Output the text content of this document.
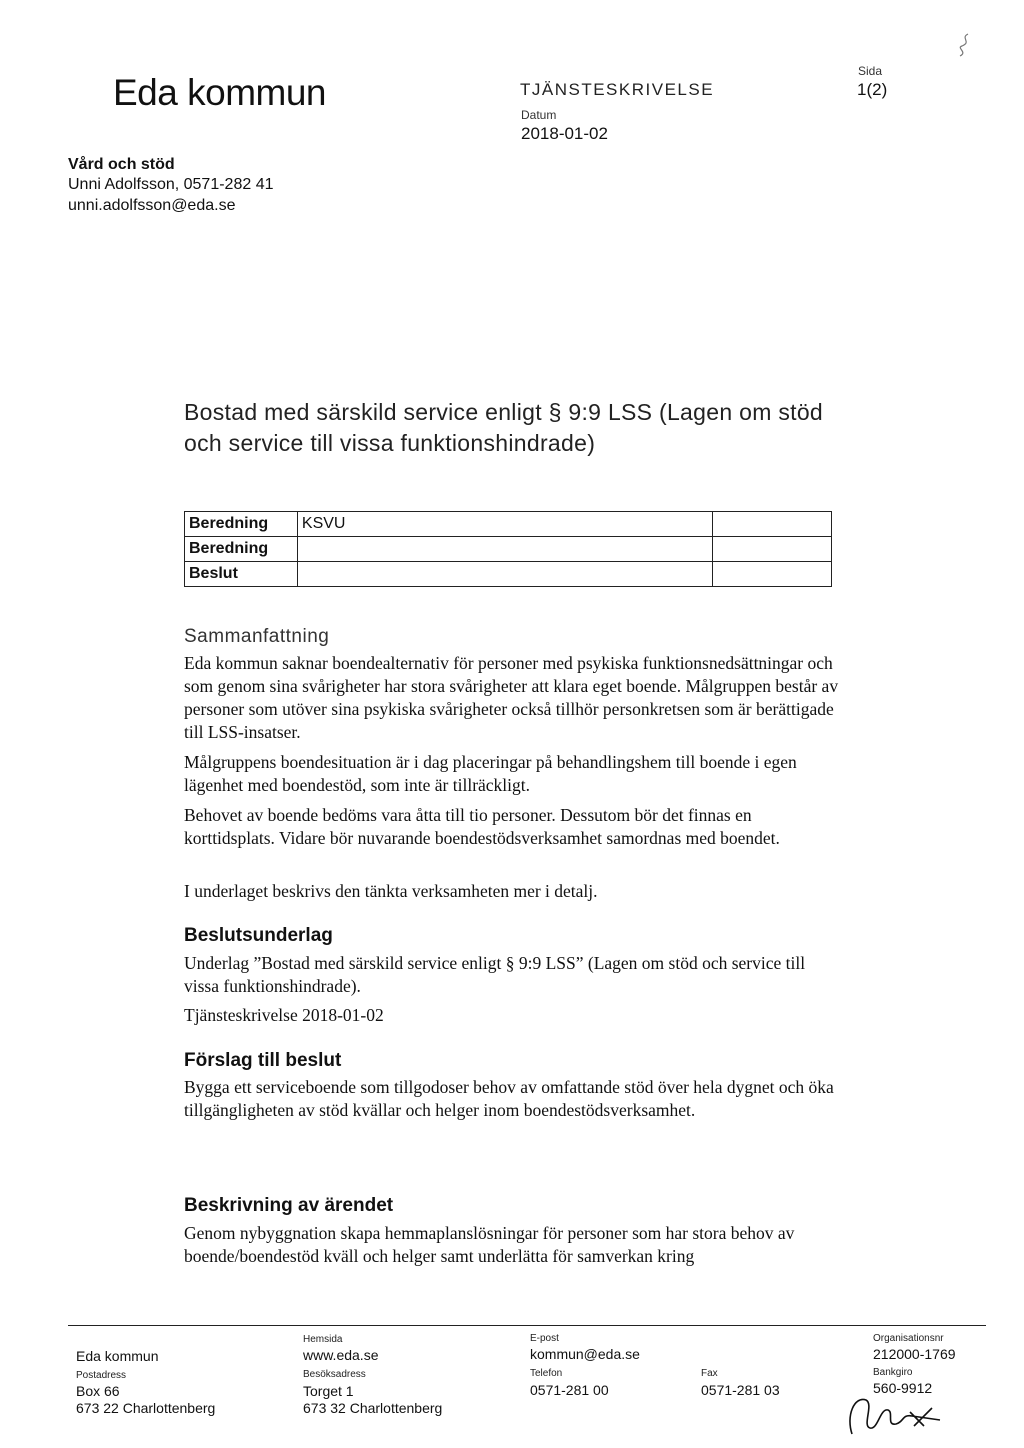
Eda kommun	TJÄNSTESKRIVELSE
Datum
2018-01-02
Sida
1(2)
Vård och stöd
Unni Adolfsson, 0571-282 41
unni.adolfsson@eda.se
Bostad med särskild service enligt § 9:9 LSS (Lagen om stöd och service till vissa funktionshindrade)
Beredning	KSVU	
Beredning		
Beslut		
Sammanfattning
Eda kommun saknar boendealternativ för personer med psykiska funktionsnedsättningar och som genom sina svårigheter har stora svårigheter att klara eget boende. Målgruppen består av personer som utöver sina psykiska svårigheter också tillhör personkretsen som är berättigade till LSS-insatser.
Målgruppens boendesituation är i dag placeringar på behandlingshem till boende i egen lägenhet med boendestöd, som inte är tillräckligt.
Behovet av boende bedöms vara åtta till tio personer. Dessutom bör det finnas en korttidsplats. Vidare bör nuvarande boendestödsverksamhet samordnas med boendet.
I underlaget beskrivs den tänkta verksamheten mer i detalj.
Beslutsunderlag
Underlag ”Bostad med särskild service enligt § 9:9 LSS” (Lagen om stöd och service till vissa funktionshindrade).
Tjänsteskrivelse 2018-01-02
Förslag till beslut
Bygga ett serviceboende som tillgodoser behov av omfattande stöd över hela dygnet och öka tillgängligheten av stöd kvällar och helger inom boendestödsverksamhet.
Beskrivning av ärendet
Genom nybyggnation skapa hemmaplanslösningar för personer som har stora behov av boende/boendestöd kväll och helger samt underlätta för samverkan kring
Eda kommun
Postadress
Box 66
673 22 Charlottenberg
Hemsida
www.eda.se
Besöksadress
Torget 1
673 32 Charlottenberg
E-post
kommun@eda.se
Telefon
0571-281 00
Fax
0571-281 03
Organisationsnr
212000-1769
Bankgiro
560-9912
